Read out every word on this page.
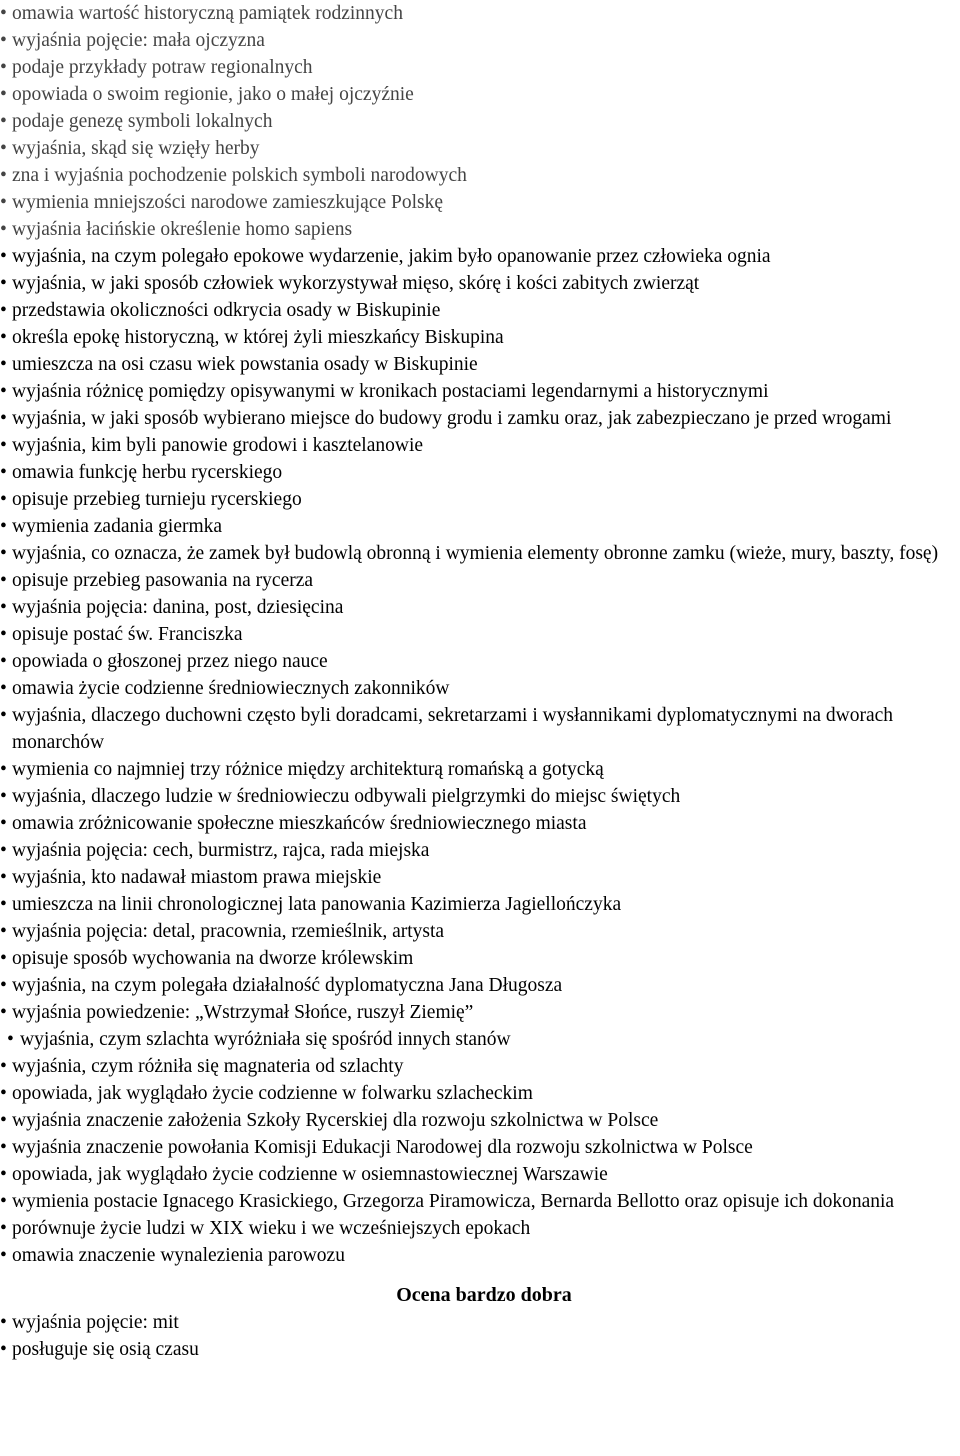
• omawia wartość historyczną pamiątek rodzinnych
• wyjaśnia pojęcie: mała ojczyzna
• podaje przykłady potraw regionalnych
• opowiada o swoim regionie, jako o małej ojczyźnie
• podaje genezę symboli lokalnych
• wyjaśnia, skąd się wzięły herby
• zna i wyjaśnia pochodzenie polskich symboli narodowych
• wymienia mniejszości narodowe zamieszkujące Polskę
• wyjaśnia łacińskie określenie homo sapiens
• wyjaśnia, na czym polegało epokowe wydarzenie, jakim było opanowanie przez człowieka ognia
• wyjaśnia, w jaki sposób człowiek wykorzystywał mięso, skórę i kości zabitych zwierząt
• przedstawia okoliczności odkrycia osady w Biskupinie
• określa epokę historyczną, w której żyli mieszkańcy Biskupina
• umieszcza na osi czasu wiek powstania osady w Biskupinie
• wyjaśnia różnicę pomiędzy opisywanymi w kronikach postaciami legendarnymi a historycznymi
• wyjaśnia, w jaki sposób wybierano miejsce do budowy grodu i zamku oraz, jak zabezpieczano je przed wrogami
• wyjaśnia, kim byli panowie grodowi i kasztelanowie
• omawia funkcję herbu rycerskiego
• opisuje przebieg turnieju rycerskiego
• wymienia zadania giermka
• wyjaśnia, co oznacza, że zamek był budowlą obronną i wymienia elementy obronne zamku (wieże, mury, baszty, fosę)
• opisuje przebieg pasowania na rycerza
• wyjaśnia pojęcia: danina, post, dziesięcina
• opisuje postać św. Franciszka
• opowiada o głoszonej przez niego nauce
• omawia życie codzienne średniowiecznych zakonników
• wyjaśnia, dlaczego duchowni często byli doradcami, sekretarzami i wysłannikami dyplomatycznymi na dworach monarchów
• wymienia co najmniej trzy różnice między architekturą romańską a gotycką
• wyjaśnia, dlaczego ludzie w średniowieczu odbywali pielgrzymki do miejsc świętych
• omawia zróżnicowanie społeczne mieszkańców średniowiecznego miasta
• wyjaśnia pojęcia: cech, burmistrz, rajca, rada miejska
• wyjaśnia, kto nadawał miastom prawa miejskie
• umieszcza na linii chronologicznej lata panowania Kazimierza Jagiellończyka
• wyjaśnia pojęcia: detal, pracownia, rzemieślnik, artysta
• opisuje sposób wychowania na dworze królewskim
• wyjaśnia, na czym polegała działalność dyplomatyczna Jana Długosza
• wyjaśnia powiedzenie: „Wstrzymał Słońce, ruszył Ziemię”
• wyjaśnia, czym szlachta wyróżniała się spośród innych stanów
• wyjaśnia, czym różniła się magnateria od szlachty
• opowiada, jak wyglądało życie codzienne w folwarku szlacheckim
• wyjaśnia znaczenie założenia Szkoły Rycerskiej dla rozwoju szkolnictwa w Polsce
• wyjaśnia znaczenie powołania Komisji Edukacji Narodowej dla rozwoju szkolnictwa w Polsce
• opowiada, jak wyglądało życie codzienne w osiemnastowiecznej Warszawie
• wymienia postacie Ignacego Krasickiego, Grzegorza Piramowicza, Bernarda Bellotto oraz opisuje ich dokonania
• porównuje życie ludzi w XIX wieku i we wcześniejszych epokach
• omawia znaczenie wynalezienia parowozu
Ocena bardzo dobra
• wyjaśnia pojęcie: mit
• posługuje się osią czasu
